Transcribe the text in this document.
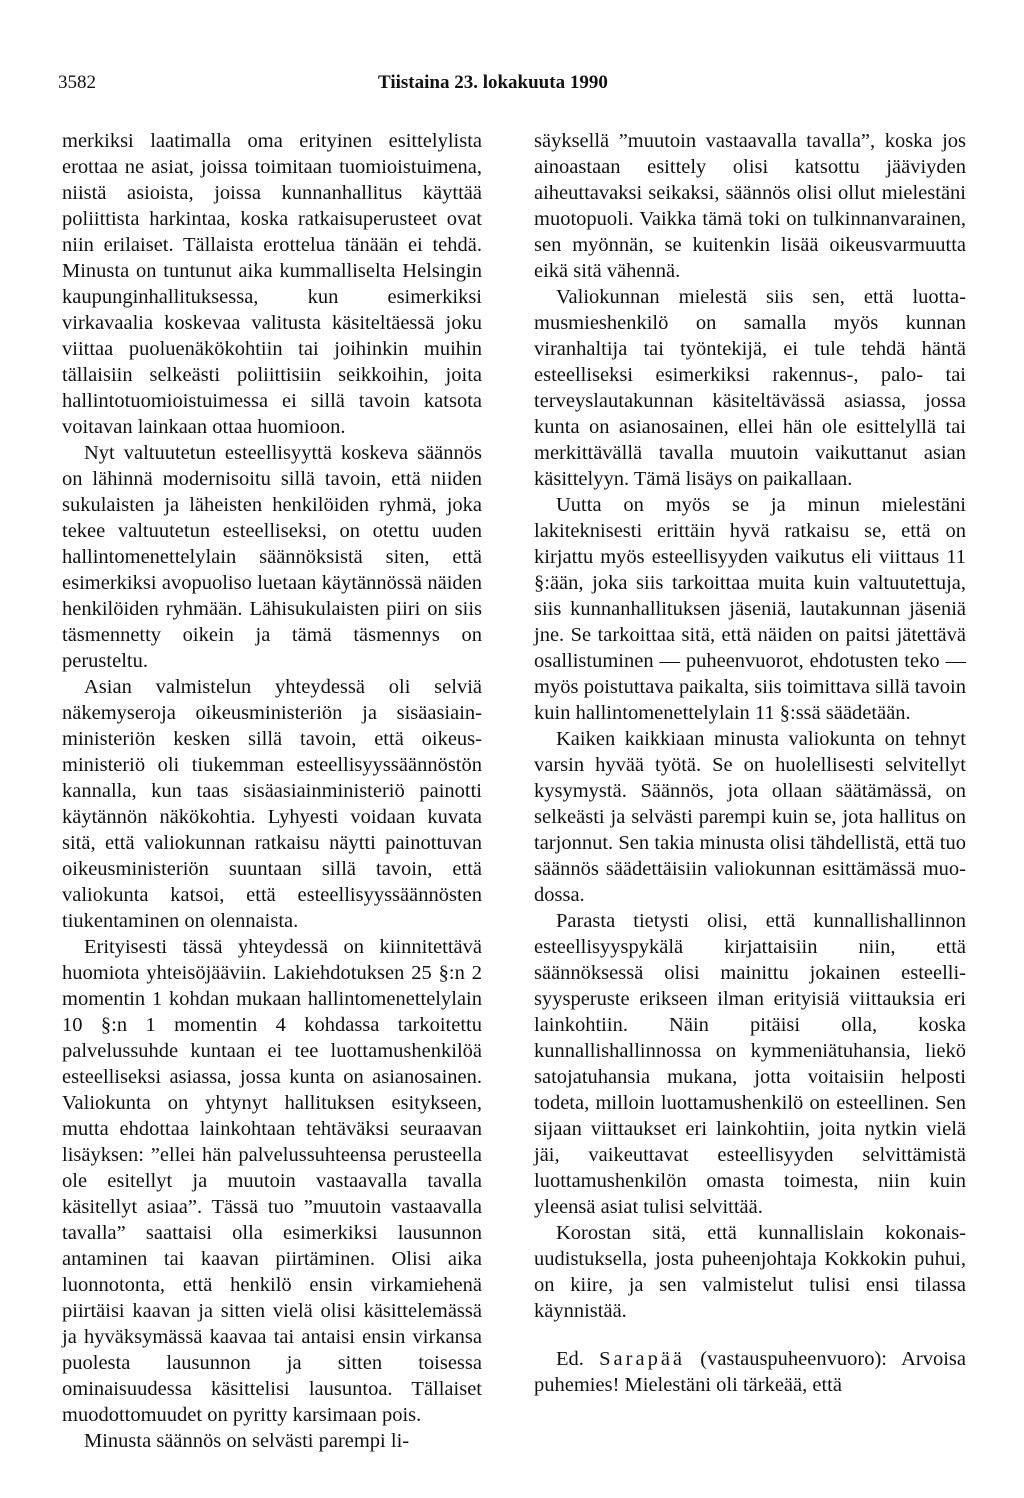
3582	Tiistaina 23. lokakuuta 1990

merkiksi laatimalla oma erityinen esittelylista erottaa ne asiat, joissa toimitaan tuomioistuimena, niistä asioista, joissa kunnanhallitus käyttää poliittista harkintaa, koska ratkaisuperusteet ovat niin erilaiset. Tällaista erottelua tänään ei tehdä. Minusta on tuntunut aika kummalliselta Helsingin kaupunginhallituksessa, kun esimerkiksi virkavaalia koskevaa valitusta käsiteltäessä joku viittaa puoluenäkökohtiin tai joihinkin muihin tällaisiin selkeästi poliittisiin seikkoihin, joita hallintotuomioistuimessa ei sillä tavoin katsota voitavan lainkaan ottaa huomioon.

Nyt valtuutetun esteellisyyttä koskeva säännös on lähinnä modernisoitu sillä tavoin, että niiden sukulaisten ja läheisten henkilöiden ryhmä, joka tekee valtuutetun esteelliseksi, on otettu uuden hallintomenettelylain säännöksistä siten, että esimerkiksi avopuoliso luetaan käytännössä näiden henkilöiden ryhmään. Lähisukulaisten piiri on siis täsmennetty oikein ja tämä täsmennys on perusteltu.

Asian valmistelun yhteydessä oli selviä näkemyseroja oikeusministeriön ja sisäasiainministeriön kesken sillä tavoin, että oikeusministeriö oli tiukemman esteellisyyssäännöstön kannalla, kun taas sisäasiainministeriö painotti käytännön näkökohtia. Lyhyesti voidaan kuvata sitä, että valiokunnan ratkaisu näytti painottuvan oikeusministeriön suuntaan sillä tavoin, että valiokunta katsoi, että esteellisyyssäännösten tiukentaminen on olennaista.

Erityisesti tässä yhteydessä on kiinnitettävä huomiota yhteisöjääviin. Lakiehdotuksen 25 §:n 2 momentin 1 kohdan mukaan hallintomenettelylain 10 §:n 1 momentin 4 kohdassa tarkoitettu palvelussuhde kuntaan ei tee luottamushenkilöä esteelliseksi asiassa, jossa kunta on asianosainen. Valiokunta on yhtynyt hallituksen esitykseen, mutta ehdottaa lainkohtaan tehtäväksi seuraavan lisäyksen: ”ellei hän palvelussuhteensa perusteella ole esitellyt ja muutoin vastaavalla tavalla käsitellyt asiaa”. Tässä tuo ”muutoin vastaavalla tavalla” saattaisi olla esimerkiksi lausunnon antaminen tai kaavan piirtäminen. Olisi aika luonnotonta, että henkilö ensin virkamiehenä piirtäisi kaavan ja sitten vielä olisi käsittelemässä ja hyväksymässä kaavaa tai antaisi ensin virkansa puolesta lausunnon ja sitten toisessa ominaisuudessa käsittelisi lausuntoa. Tällaiset muodottomuudet on pyritty karsimaan pois.

Minusta säännös on selvästi parempi li-

säyksellä ”muutoin vastaavalla tavalla”, koska jos ainoastaan esittely olisi katsottu jääviyden aiheuttavaksi seikaksi, säännös olisi ollut mielestäni muotopuoli. Vaikka tämä toki on tulkinnanvarainen, sen myönnän, se kuitenkin lisää oikeusvarmuutta eikä sitä vähennä.

Valiokunnan mielestä siis sen, että luottamusmieshenkilö on samalla myös kunnan viranhaltija tai työntekijä, ei tule tehdä häntä esteelliseksi esimerkiksi rakennus-, palo- tai terveyslautakunnan käsiteltävässä asiassa, jossa kunta on asianosainen, ellei hän ole esittelyllä tai merkittävällä tavalla muutoin vaikuttanut asian käsittelyyn. Tämä lisäys on paikallaan.

Uutta on myös se ja minun mielestäni lakiteknisesti erittäin hyvä ratkaisu se, että on kirjattu myös esteellisyyden vaikutus eli viittaus 11 §:ään, joka siis tarkoittaa muita kuin valtuutettuja, siis kunnanhallituksen jäseniä, lautakunnan jäseniä jne. Se tarkoittaa sitä, että näiden on paitsi jätettävä osallistuminen — puheenvuorot, ehdotusten teko — myös poistuttava paikalta, siis toimittava sillä tavoin kuin hallintomenettelylain 11 §:ssä säädetään.

Kaiken kaikkiaan minusta valiokunta on tehnyt varsin hyvää työtä. Se on huolellisesti selvitellyt kysymystä. Säännös, jota ollaan säätämässä, on selkeästi ja selvästi parempi kuin se, jota hallitus on tarjonnut. Sen takia minusta olisi tähdellistä, että tuo säännös säädettäisiin valiokunnan esittämässä muodossa.

Parasta tietysti olisi, että kunnallishallinnon esteellisyyspykälä kirjattaisiin niin, että säännöksessä olisi mainittu jokainen esteellisyysperuste erikseen ilman erityisiä viittauksia eri lainkohtiin. Näin pitäisi olla, koska kunnallishallinnossa on kymmeniätuhansia, liekö satojatuhansia mukana, jotta voitaisiin helposti todeta, milloin luottamushenkilö on esteellinen. Sen sijaan viittaukset eri lainkohtiin, joita nytkin vielä jäi, vaikeuttavat esteellisyyden selvittämistä luottamushenkilön omasta toimesta, niin kuin yleensä asiat tulisi selvittää.

Korostan sitä, että kunnallislain kokonaisuudistuksella, josta puheenjohtaja Kokkokin puhui, on kiire, ja sen valmistelut tulisi ensi tilassa käynnistää.

Ed. Sarapää (vastauspuheenvuoro): Arvoisa puhemies! Mielestäni oli tärkeää, että
